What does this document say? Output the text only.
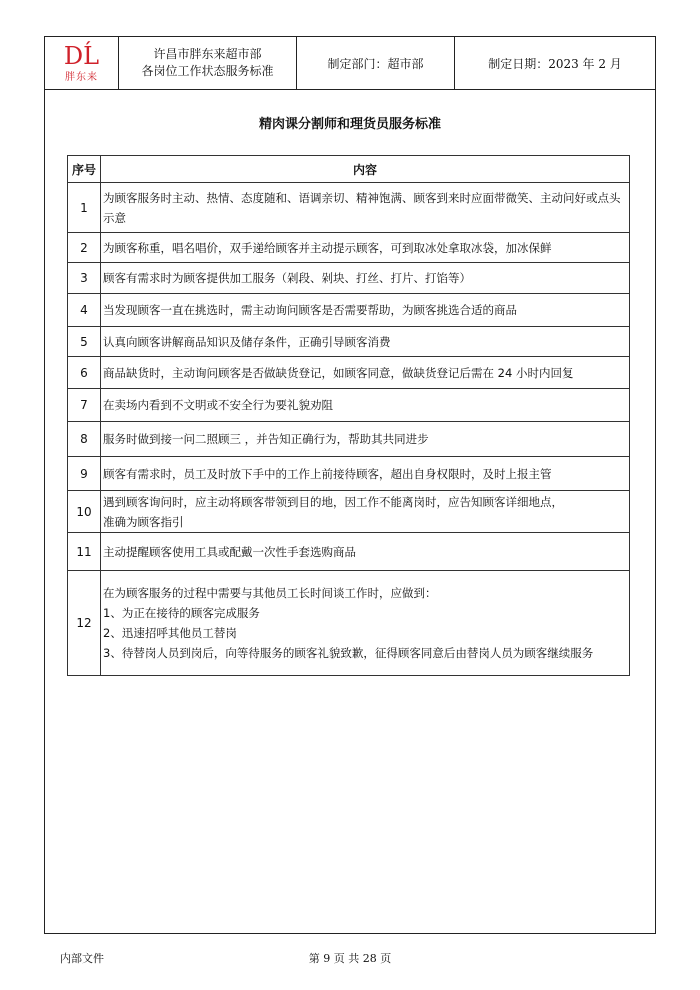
DĹ
胖东来
许昌市胖东来超市部
各岗位工作状态服务标准
制定部门：超市部	制定日期：2023 年 2 月
精肉课分割师和理货员服务标准
序号	内容
1	为顾客服务时主动、热情、态度随和、语调亲切、精神饱满、顾客到来时应面带微笑、主动问好或点头示意

2	为顾客称重，唱名唱价，双手递给顾客并主动提示顾客，可到取冰处拿取冰袋，加冰保鲜

3	顾客有需求时为顾客提供加工服务（剁段、剁块、打丝、打片、打馅等）

4	当发现顾客一直在挑选时，需主动询问顾客是否需要帮助，为顾客挑选合适的商品

5	认真向顾客讲解商品知识及储存条件，正确引导顾客消费

6	商品缺货时，主动询问顾客是否做缺货登记，如顾客同意，做缺货登记后需在 24 小时内回复

7	在卖场内看到不文明或不安全行为要礼貌劝阻

8	服务时做到接一问二照顾三 ，并告知正确行为，帮助其共同进步

9	顾客有需求时，员工及时放下手中的工作上前接待顾客，超出自身权限时，及时上报主管

10	遇到顾客询问时，应主动将顾客带领到目的地，因工作不能离岗时，应告知顾客详细地点，
准确为顾客指引

11	主动提醒顾客使用工具或配戴一次性手套选购商品

12	在为顾客服务的过程中需要与其他员工长时间谈工作时，应做到：
1、为正在接待的顾客完成服务
2、迅速招呼其他员工替岗
3、待替岗人员到岗后，向等待服务的顾客礼貌致歉，征得顾客同意后由替岗人员为顾客继续服务
内部文件	第 9 页 共 28 页
